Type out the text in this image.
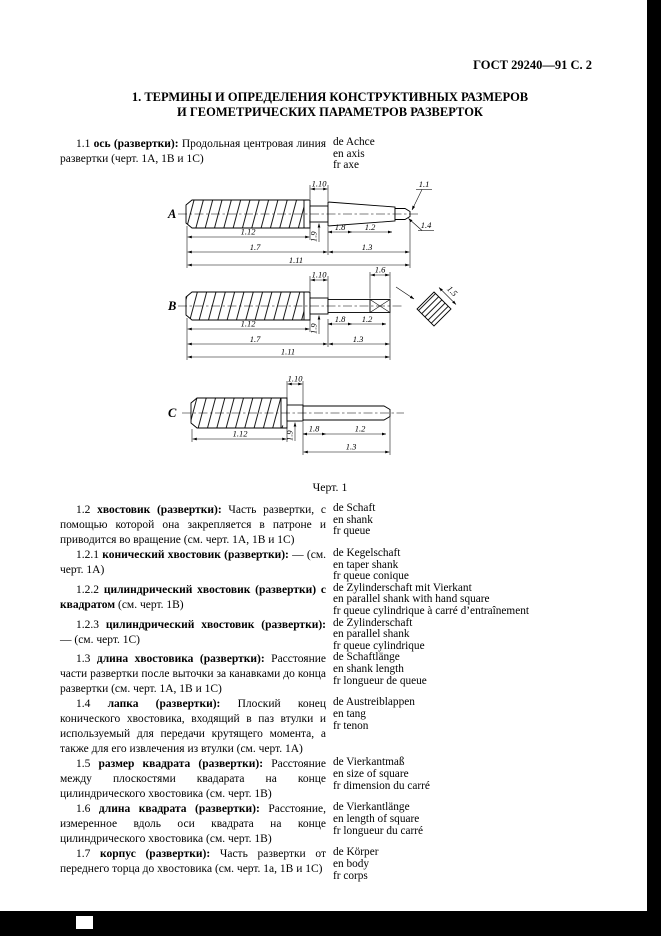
ГОСТ 29240—91 С. 2
1. ТЕРМИНЫ И ОПРЕДЕЛЕНИЯ КОНСТРУКТИВНЫХ РАЗМЕРОВ
И ГЕОМЕТРИЧЕСКИХ ПАРАМЕТРОВ РАЗВЕРТОК

1.1 ось (развертки): Продольная центровая линия развертки (черт. 1А, 1В и 1С)

de Achce
en axis
fr axe
A
1.10	1.1
1.12	1.9
1.8 1.2	1.4
1.7	1.3
1.11
B
1.10	1.6
1.5
1.12	1.9
1.8 1.2
1.7	1.3
1.11
1.10
C
1.12	1.9
1.8	1.2
1.3
Черт. 1

1.2 хвостовик (развертки): Часть развертки, с помощью которой она закрепляется в патроне и приводится во вращение (см. черт. 1А, 1В и 1С)

de Schaft
en shank
fr queue

1.2.1 конический хвостовик (развертки): — (см. черт. 1А)

de Kegelschaft
en taper shank
fr queue conique

1.2.2 цилиндрический хвостовик (развертки) с квадратом (см. черт. 1В)

de Zylinderschaft mit Vierkant
en parallel shank with hand square
fr queue cylindrique à carré d’entraînement

1.2.3 цилиндрический хвостовик (развертки): — (см. черт. 1С)

de Zylinderschaft
en parallel shank
fr queue cylindrique

1.3 длина хвостовика (развертки): Расстояние части развертки после выточки за канавками до конца развертки (см. черт. 1А, 1В и 1С)

de Schaftlänge
en shank length
fr longueur de queue

1.4 лапка (развертки): Плоский конец конического хвостовика, входящий в паз втулки и используемый для передачи крутящего момента, а также для его извлечения из втулки (см. черт. 1А)

de Austreiblappen
en tang
fr tenon

1.5 размер квадрата (развертки): Расстояние между плоскостями квадарата на конце цилиндрического хвостовика (см. черт. 1В)

de Vierkantmaß
en size of square
fr dimension du carré

1.6 длина квадрата (развертки): Расстояние, измеренное вдоль оси квадрата на конце цилиндрического хвостовика (см. черт. 1В)

de Vierkantlänge
en length of square
fr longueur du carré

1.7 корпус (развертки): Часть развертки от переднего торца до хвостовика (см. черт. 1а, 1В и 1С)

de Körper
en body
fr corps
